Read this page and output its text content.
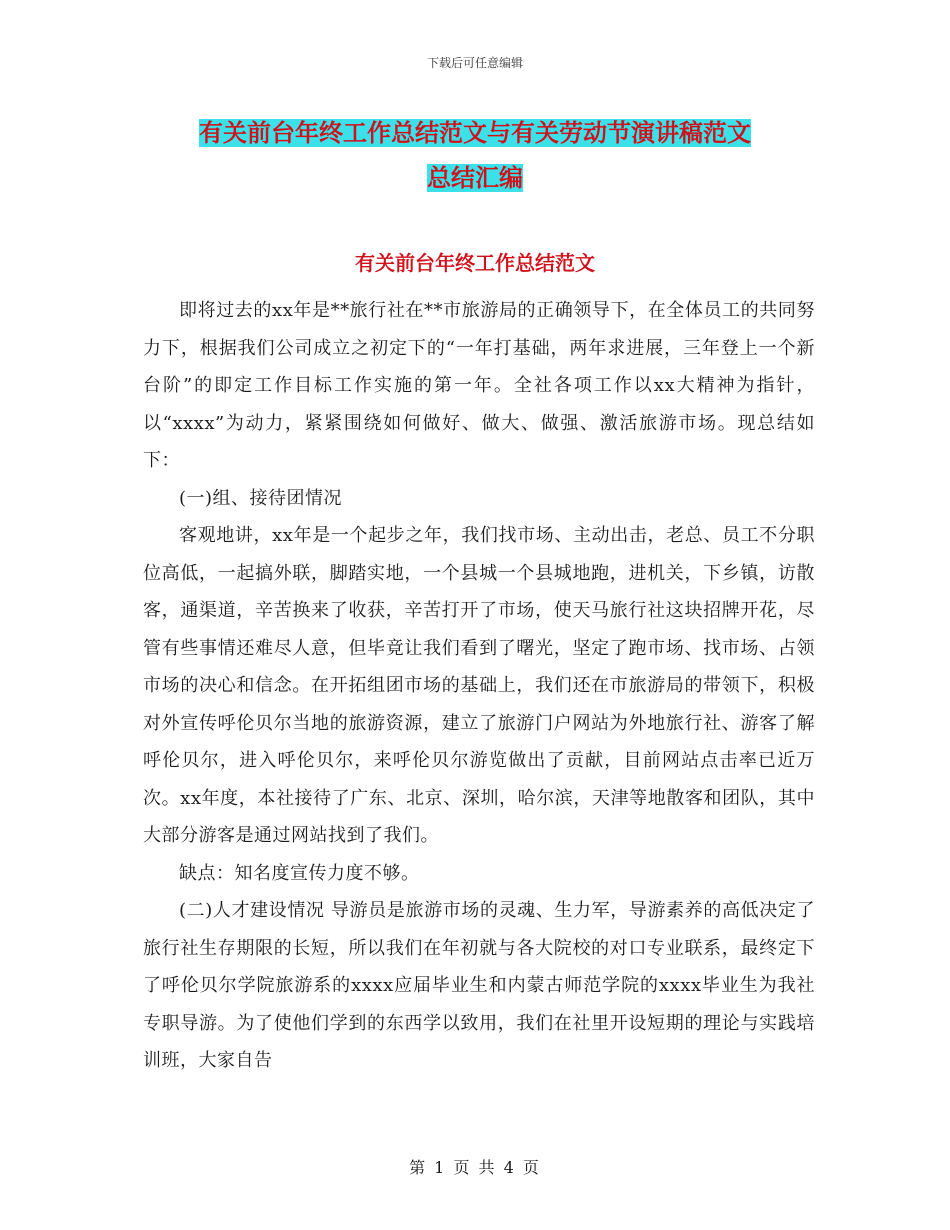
下载后可任意编辑
有关前台年终工作总结范文与有关劳动节演讲稿范文
总结汇编
有关前台年终工作总结范文

即将过去的xx年是**旅行社在**市旅游局的正确领导下，在全体员工的共同努力下，根据我们公司成立之初定下的“一年打基础，两年求进展，三年登上一个新台阶”的即定工作目标工作实施的第一年。全社各项工作以xx大精神为指针，以“xxxx”为动力，紧紧围绕如何做好、做大、做强、激活旅游市场。现总结如下：

(一)组、接待团情况

客观地讲，xx年是一个起步之年，我们找市场、主动出击，老总、员工不分职位高低，一起搞外联，脚踏实地，一个县城一个县城地跑，进机关，下乡镇，访散客，通渠道，辛苦换来了收获，辛苦打开了市场，使天马旅行社这块招牌开花，尽管有些事情还难尽人意，但毕竟让我们看到了曙光，坚定了跑市场、找市场、占领市场的决心和信念。在开拓组团市场的基础上，我们还在市旅游局的带领下，积极对外宣传呼伦贝尔当地的旅游资源，建立了旅游门户网站为外地旅行社、游客了解呼伦贝尔，进入呼伦贝尔，来呼伦贝尔游览做出了贡献，目前网站点击率已近万次。xx年度，本社接待了广东、北京、深圳，哈尔滨，天津等地散客和团队，其中大部分游客是通过网站找到了我们。

缺点：知名度宣传力度不够。

(二)人才建设情况 导游员是旅游市场的灵魂、生力军，导游素养的高低决定了旅行社生存期限的长短，所以我们在年初就与各大院校的对口专业联系，最终定下了呼伦贝尔学院旅游系的xxxx应届毕业生和内蒙古师范学院的xxxx毕业生为我社专职导游。为了使他们学到的东西学以致用，我们在社里开设短期的理论与实践培训班，大家自告

第 1 页 共 4 页
